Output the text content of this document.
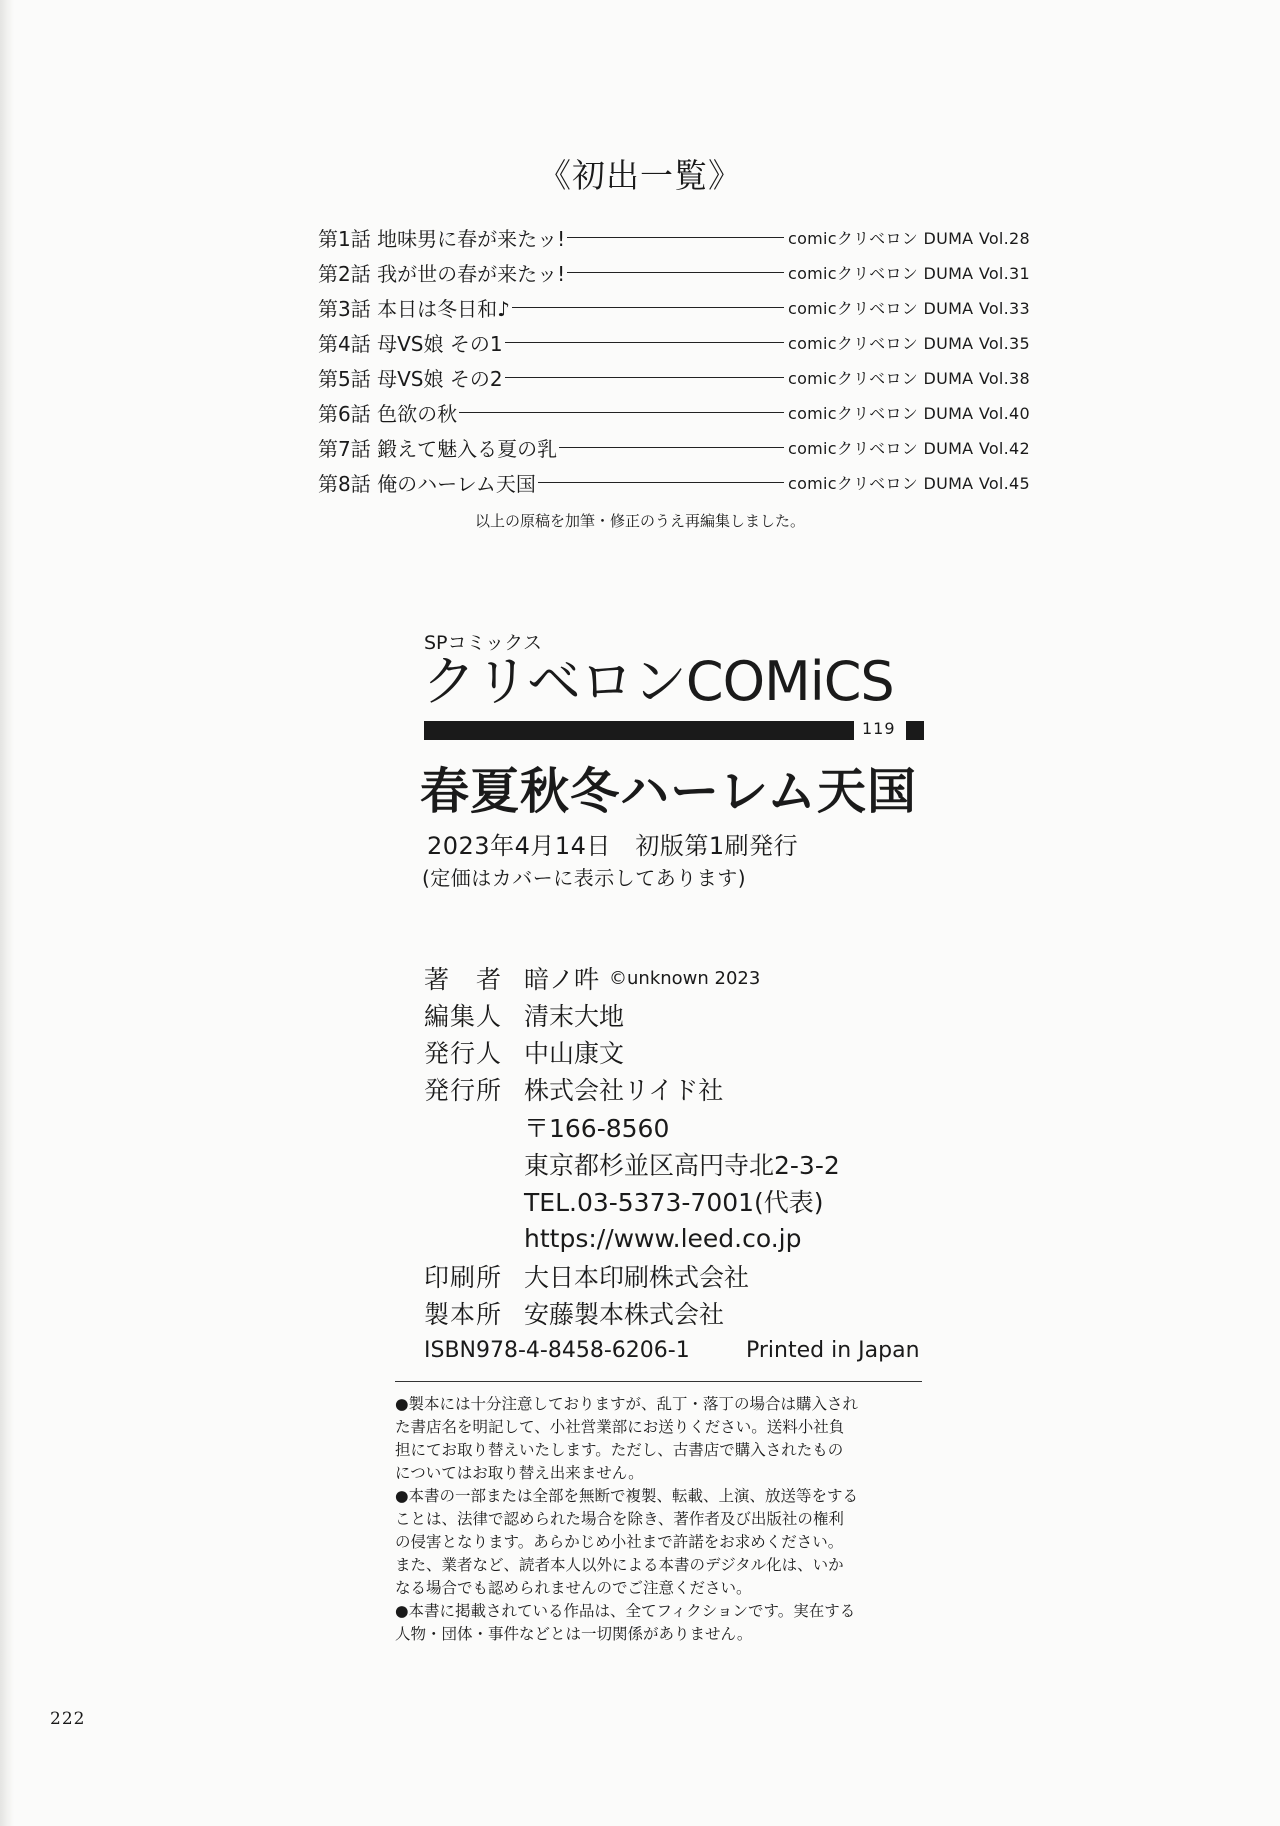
《初出一覧》
第1話 地味男に春が来たッ!	comicクリベロン DUMA Vol.28
第2話 我が世の春が来たッ!	comicクリベロン DUMA Vol.31
第3話 本日は冬日和♪	comicクリベロン DUMA Vol.33
第4話 母VS娘 その1	comicクリベロン DUMA Vol.35
第5話 母VS娘 その2	comicクリベロン DUMA Vol.38
第6話 色欲の秋	comicクリベロン DUMA Vol.40
第7話 鍛えて魅入る夏の乳	comicクリベロン DUMA Vol.42
第8話 俺のハーレム天国	comicクリベロン DUMA Vol.45
以上の原稿を加筆・修正のうえ再編集しました。
SPコミックス
クリベロンCOMiCS
119
春夏秋冬ハーレム天国
2023年4月14日　初版第1刷発行
(定価はカバーに表示してあります)
著　者 暗ノ吽 ©unknown 2023
編集人 清末大地
発行人 中山康文
発行所 株式会社リイド社
〒166-8560
東京都杉並区高円寺北2-3-2
TEL.03-5373-7001(代表)
https://www.leed.co.jp
印刷所 大日本印刷株式会社
製本所 安藤製本株式会社
ISBN978-4-8458-6206-1	Printed in Japan
●製本には十分注意しておりますが、乱丁・落丁の場合は購入され
た書店名を明記して、小社営業部にお送りください。送料小社負
担にてお取り替えいたします。ただし、古書店で購入されたもの
についてはお取り替え出来ません。
●本書の一部または全部を無断で複製、転載、上演、放送等をする
ことは、法律で認められた場合を除き、著作者及び出版社の権利
の侵害となります。あらかじめ小社まで許諾をお求めください。
また、業者など、読者本人以外による本書のデジタル化は、いか
なる場合でも認められませんのでご注意ください。
●本書に掲載されている作品は、全てフィクションです。実在する
人物・団体・事件などとは一切関係がありません。
222
